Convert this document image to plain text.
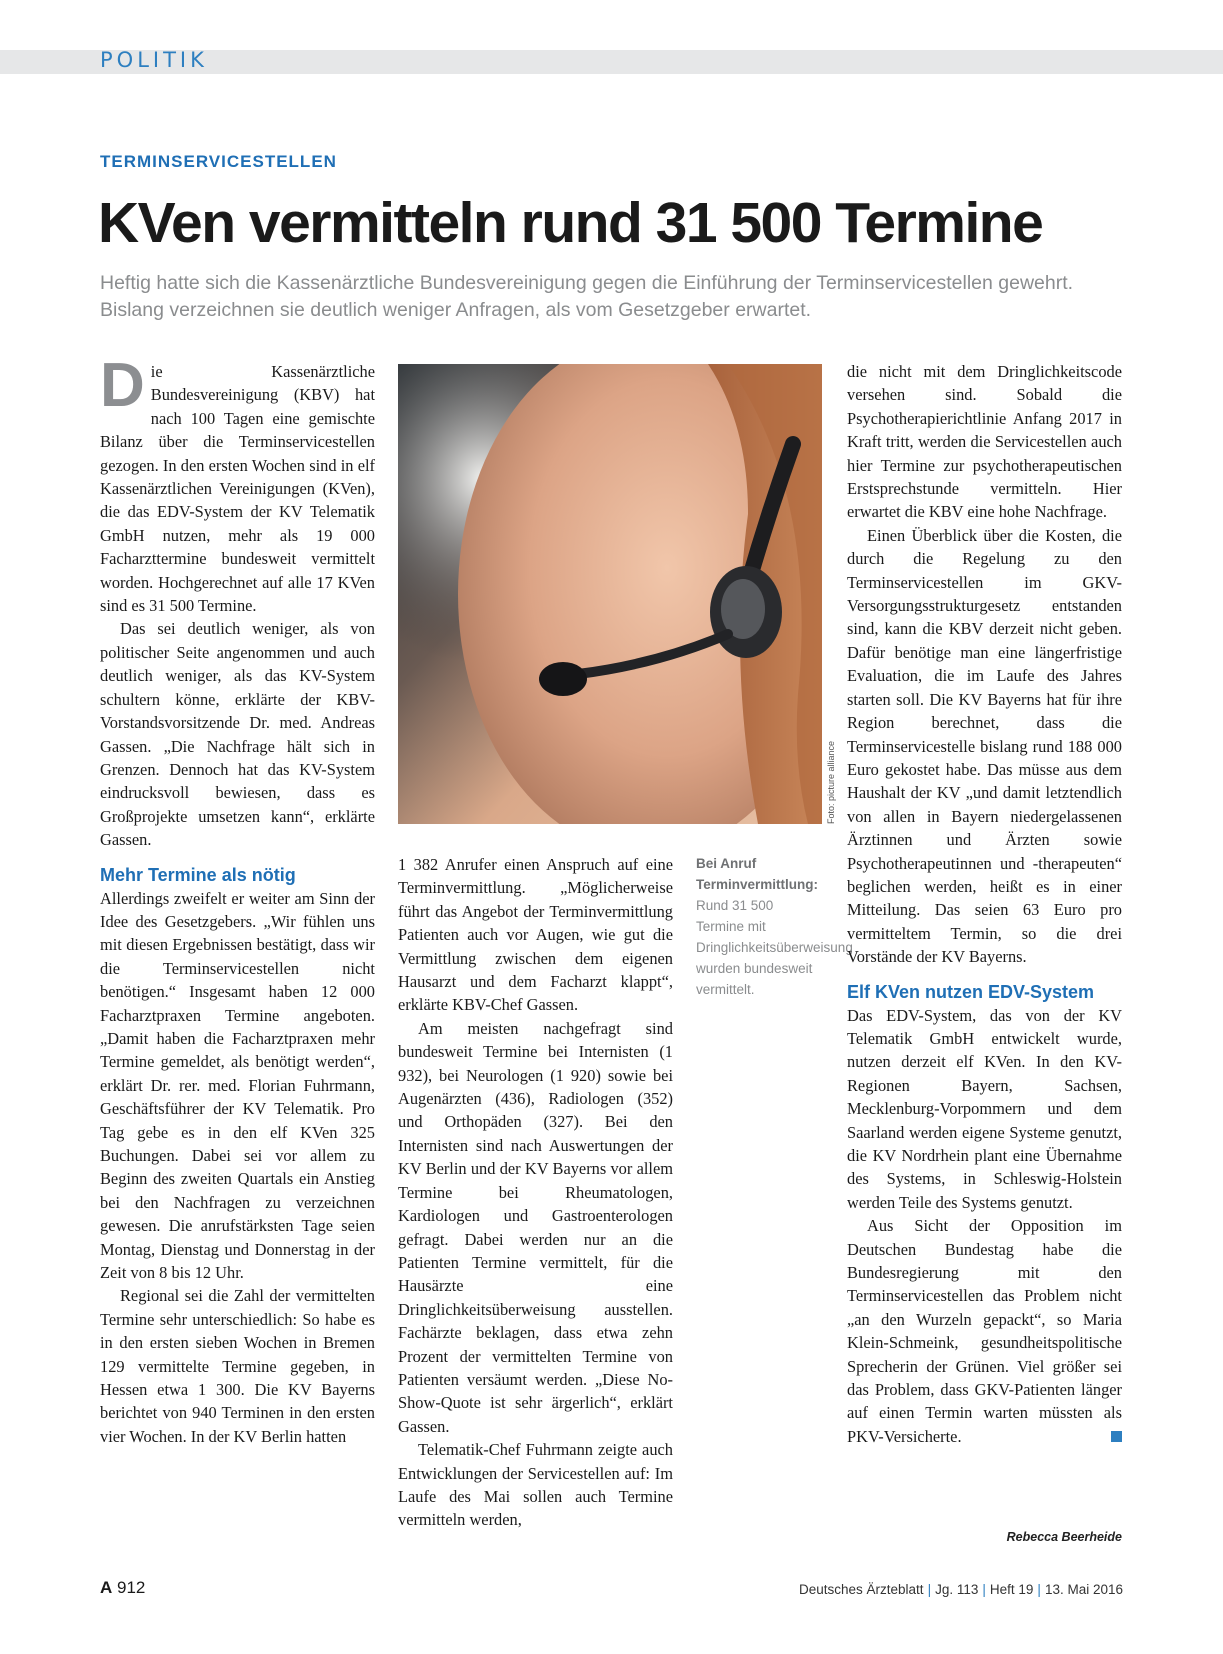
POLITIK
TERMINSERVICESTELLEN
KVen vermitteln rund 31 500 Termine
Heftig hatte sich die Kassenärztliche Bundesvereinigung gegen die Einführung der Terminservicestellen gewehrt. Bislang verzeichnen sie deutlich weniger Anfragen, als vom Gesetzgeber erwartet.

Die Kassenärztliche Bundesvereinigung (KBV) hat nach 100 Tagen eine gemischte Bilanz über die Terminservicestellen gezogen. In den ersten Wochen sind in elf Kassenärztlichen Vereinigungen (KVen), die das EDV-System der KV Telematik GmbH nutzen, mehr als 19 000 Facharzttermine bundesweit vermittelt worden. Hochgerechnet auf alle 17 KVen sind es 31 500 Termine.

Das sei deutlich weniger, als von politischer Seite angenommen und auch deutlich weniger, als das KV-System schultern könne, erklärte der KBV-Vorstandsvorsitzende Dr. med. Andreas Gassen. „Die Nachfrage hält sich in Grenzen. Dennoch hat das KV-System eindrucksvoll bewiesen, dass es Großprojekte umsetzen kann“, erklärte Gassen.

Mehr Termine als nötig

Allerdings zweifelt er weiter am Sinn der Idee des Gesetzgebers. „Wir fühlen uns mit diesen Ergebnissen bestätigt, dass wir die Terminservicestellen nicht benötigen.“ Insgesamt haben 12 000 Facharztpraxen Termine angeboten. „Damit haben die Facharztpraxen mehr Termine gemeldet, als benötigt werden“, erklärt Dr. rer. med. Florian Fuhrmann, Geschäftsführer der KV Telematik. Pro Tag gebe es in den elf KVen 325 Buchungen. Dabei sei vor allem zu Beginn des zweiten Quartals ein Anstieg bei den Nachfragen zu verzeichnen gewesen. Die anrufstärksten Tage seien Montag, Dienstag und Donnerstag in der Zeit von 8 bis 12 Uhr.

Regional sei die Zahl der vermittelten Termine sehr unterschiedlich: So habe es in den ersten sieben Wochen in Bremen 129 vermittelte Termine gegeben, in Hessen etwa 1 300. Die KV Bayerns berichtet von 940 Terminen in den ersten vier Wochen. In der KV Berlin hatten

Foto: picture alliance
Bei Anruf Terminvermittlung: Rund 31 500 Termine mit Dringlichkeitsüberweisung wurden bundesweit vermittelt.

1 382 Anrufer einen Anspruch auf eine Terminvermittlung. „Möglicherweise führt das Angebot der Terminvermittlung Patienten auch vor Augen, wie gut die Vermittlung zwischen dem eigenen Hausarzt und dem Facharzt klappt“, erklärte KBV-Chef Gassen.

Am meisten nachgefragt sind bundesweit Termine bei Internisten (1 932), bei Neurologen (1 920) sowie bei Augenärzten (436), Radiologen (352) und Orthopäden (327). Bei den Internisten sind nach Auswertungen der KV Berlin und der KV Bayerns vor allem Termine bei Rheumatologen, Kardiologen und Gastroenterologen gefragt. Dabei werden nur an die Patienten Termine vermittelt, für die Hausärzte eine Dringlichkeitsüberweisung ausstellen. Fachärzte beklagen, dass etwa zehn Prozent der vermittelten Termine von Patienten versäumt werden. „Diese No-Show-Quote ist sehr ärgerlich“, erklärt Gassen.

Telematik-Chef Fuhrmann zeigte auch Entwicklungen der Servicestellen auf: Im Laufe des Mai sollen auch Termine vermitteln werden,

die nicht mit dem Dringlichkeitscode versehen sind. Sobald die Psychotherapierichtlinie Anfang 2017 in Kraft tritt, werden die Servicestellen auch hier Termine zur psychotherapeutischen Erstsprechstunde vermitteln. Hier erwartet die KBV eine hohe Nachfrage.

Einen Überblick über die Kosten, die durch die Regelung zu den Terminservicestellen im GKV-Versorgungsstrukturgesetz entstanden sind, kann die KBV derzeit nicht geben. Dafür benötige man eine längerfristige Evaluation, die im Laufe des Jahres starten soll. Die KV Bayerns hat für ihre Region berechnet, dass die Terminservicestelle bislang rund 188 000 Euro gekostet habe. Das müsse aus dem Haushalt der KV „und damit letztendlich von allen in Bayern niedergelassenen Ärztinnen und Ärzten sowie Psychotherapeutinnen und -therapeuten“ beglichen werden, heißt es in einer Mitteilung. Das seien 63 Euro pro vermitteltem Termin, so die drei Vorstände der KV Bayerns.

Elf KVen nutzen EDV-System

Das EDV-System, das von der KV Telematik GmbH entwickelt wurde, nutzen derzeit elf KVen. In den KV-Regionen Bayern, Sachsen, Mecklenburg-Vorpommern und dem Saarland werden eigene Systeme genutzt, die KV Nordrhein plant eine Übernahme des Systems, in Schleswig-Holstein werden Teile des Systems genutzt.

Aus Sicht der Opposition im Deutschen Bundestag habe die Bundesregierung mit den Terminservicestellen das Problem nicht „an den Wurzeln gepackt“, so Maria Klein-Schmeink, gesundheitspolitische Sprecherin der Grünen. Viel größer sei das Problem, dass GKV-Patienten länger auf einen Termin warten müssten als PKV-Versicherte.

Rebecca Beerheide
A 912	Deutsches Ärzteblatt | Jg. 113 | Heft 19 | 13. Mai 2016
